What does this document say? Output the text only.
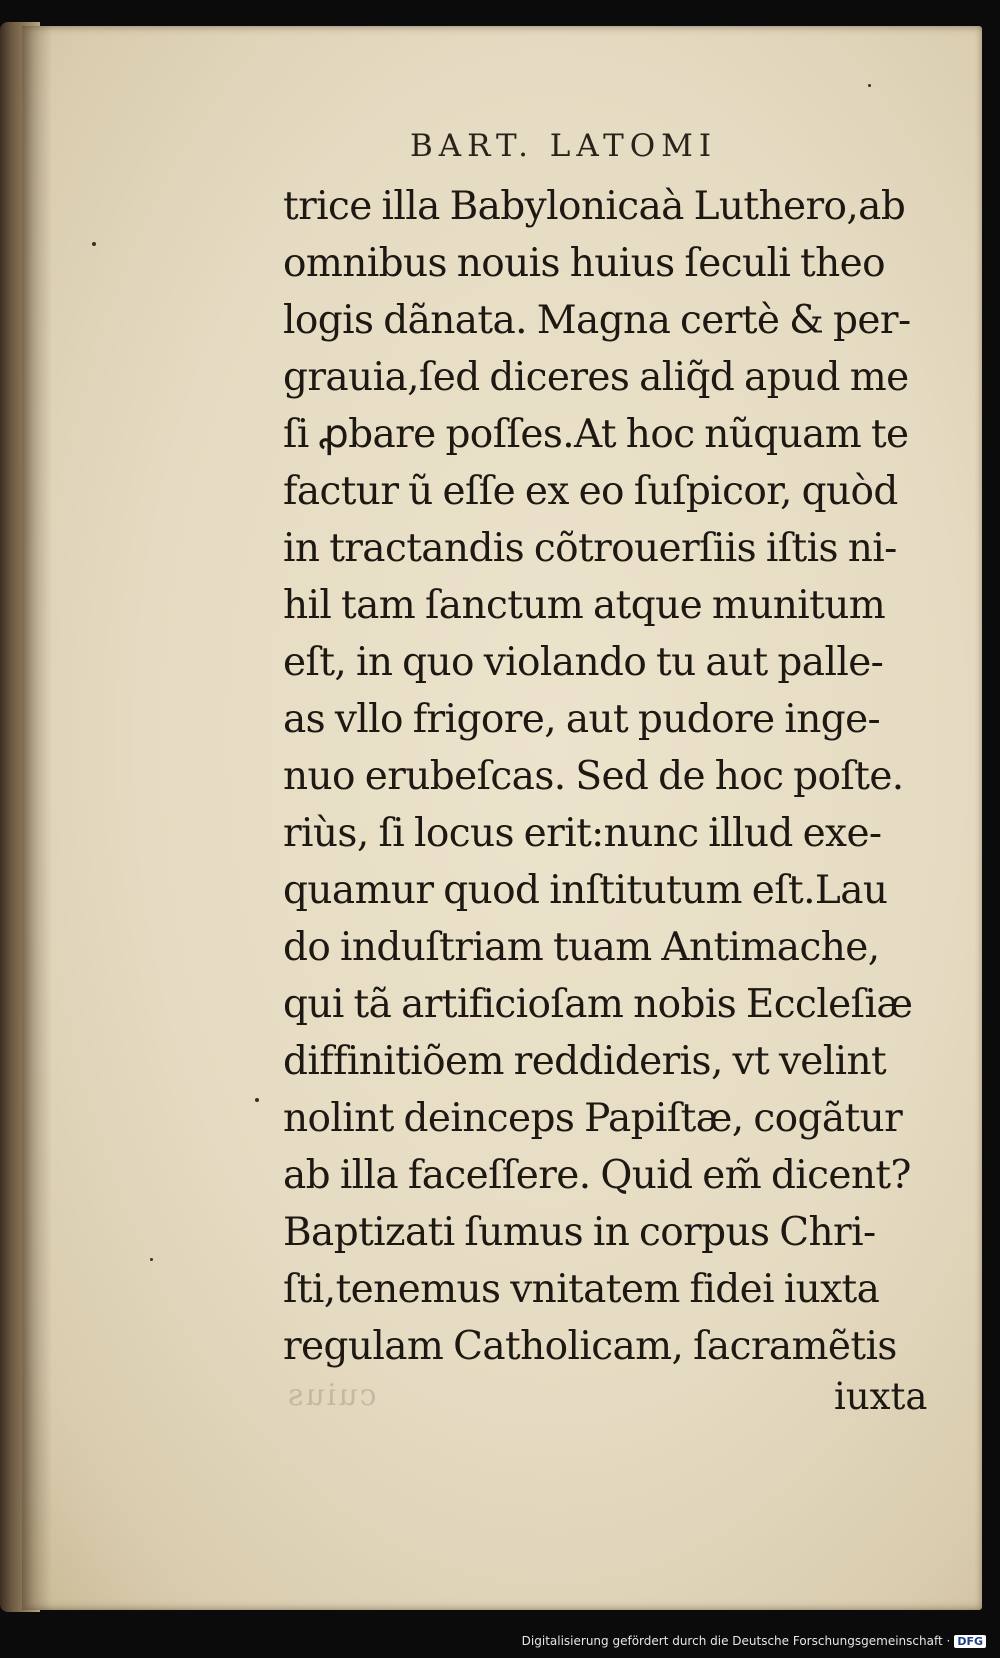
BART. LATOMI
trice illa Babylonicaà Luthero,ab
omnibus nouis huius ſeculi theo
logis dãnata. Magna certè & per-
grauia,ſed diceres aliq̃d apud me
ſi ꝓbare poſſes.At hoc nũquam te
factur ũ eſſe ex eo ſuſpicor, quòd
in tractandis cõtrouerſiis iſtis ni-
hil tam ſanctum atque munitum
eſt, in quo violando tu aut palle-
as vllo frigore, aut pudore inge-
nuo erubeſcas. Sed de hoc poſte.
riùs, ſi locus erit:nunc illud exe-
quamur quod inſtitutum eſt.Lau
do induſtriam tuam Antimache,
qui tã artificioſam nobis Eccleſiæ
diffinitiõem reddideris, vt velint
nolint deinceps Papiſtæ, cogãtur
ab illa faceſſere. Quid em̃ dicent?
Baptizati ſumus in corpus Chri-
ſti,tenemus vnitatem fidei iuxta
regulam Catholicam, ſacramẽtis
cuius	iuxta
Digitalisierung gefördert durch die Deutsche Forschungsgemeinschaft · DFG
